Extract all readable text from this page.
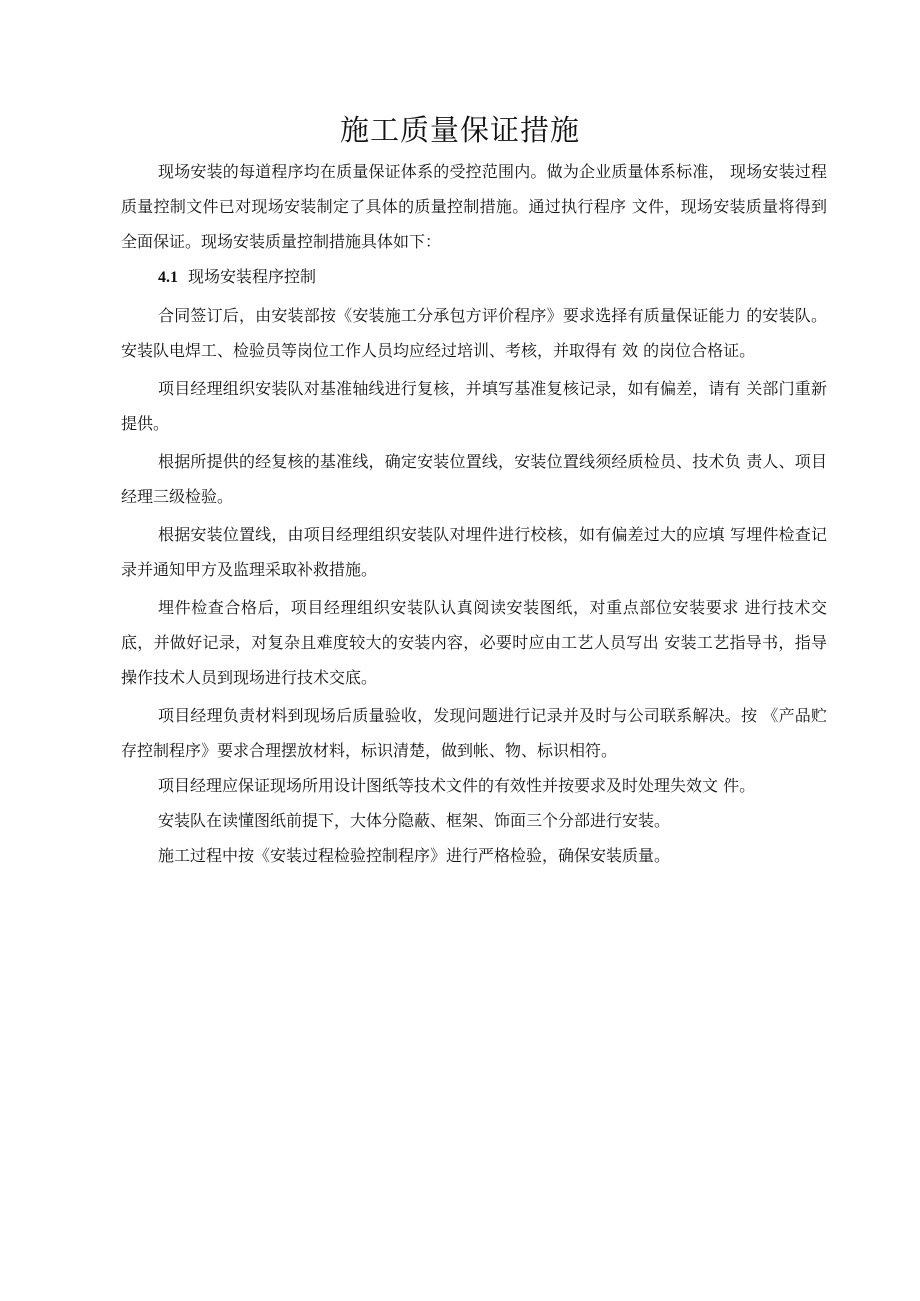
施工质量保证措施

现场安装的每道程序均在质量保证体系的受控范围内。做为企业质量体系标准， 现场安装过程质量控制文件已对现场安装制定了具体的质量控制措施。通过执行程序 文件，现场安装质量将得到全面保证。现场安装质量控制措施具体如下：

4.1 现场安装程序控制

合同签订后，由安装部按《安装施工分承包方评价程序》要求选择有质量保证能力 的安装队。安装队电焊工、检验员等岗位工作人员均应经过培训、考核，并取得有 效 的岗位合格证。

项目经理组织安装队对基准轴线进行复核，并填写基准复核记录，如有偏差，请有 关部门重新提供。

根据所提供的经复核的基准线，确定安装位置线，安装位置线须经质检员、技术负 责人、项目经理三级检验。

根据安装位置线，由项目经理组织安装队对埋件进行校核，如有偏差过大的应填 写埋件检查记录并通知甲方及监理采取补救措施。

埋件检查合格后，项目经理组织安装队认真阅读安装图纸，对重点部位安装要求 进行技术交底，并做好记录，对复杂且难度较大的安装内容，必要时应由工艺人员写出 安装工艺指导书，指导操作技术人员到现场进行技术交底。

项目经理负责材料到现场后质量验收，发现问题进行记录并及时与公司联系解决。按 《产品贮存控制程序》要求合理摆放材料，标识清楚，做到帐、物、标识相符。

项目经理应保证现场所用设计图纸等技术文件的有效性并按要求及时处理失效文 件。

安装队在读懂图纸前提下，大体分隐蔽、框架、饰面三个分部进行安装。

施工过程中按《安装过程检验控制程序》进行严格检验，确保安装质量。
